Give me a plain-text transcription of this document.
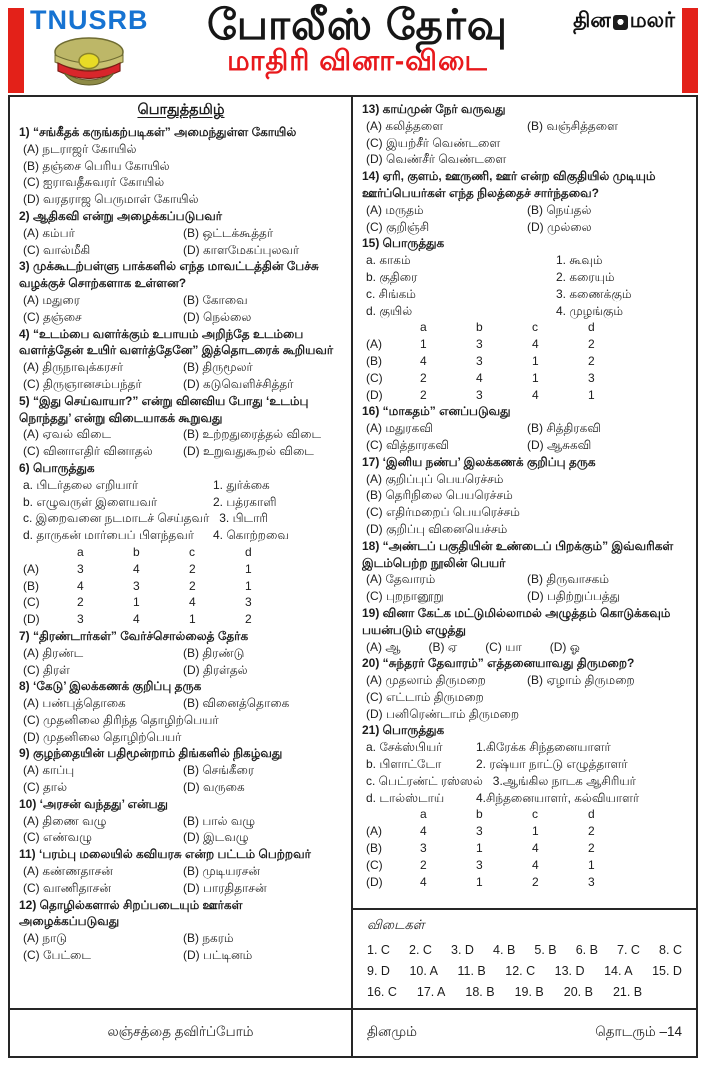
TNUSRB	போலீஸ் தேர்வு
மாதிரி வினா-விடை
தின மலர்
பொதுத்தமிழ்
1) “சங்கீதக் கருங்கற்படிகள்” அமைந்துள்ள கோயில்
(A) நடராஜர் கோயில்
(B) தஞ்சை பெரிய கோயில்
(C) ஐராவதீசுவரர் கோயில்
(D) வரதராஜ பெருமாள் கோயில்
2) ஆதிகவி என்று அழைக்கப்படுபவர்
(A) கம்பர்	(B) ஒட்டக்கூத்தர்
(C) வால்மீகி	(D) காளமேகப்புலவர்
3) முக்கூடற்பள்ளு பாக்களில் எந்த மாவட்டத்தின் பேச்சு வழக்குச் சொற்களாக உள்ளன?
(A) மதுரை	(B) கோவை
(C) தஞ்சை	(D) நெல்லை
4) “உடம்பை வளர்க்கும் உபாயம் அறிந்தே உடம்பை வளர்த்தேன் உயிர் வளர்த்தேனே” இத்தொடரைக் கூறியவர்
(A) திருநாவுக்கரசர்	(B) திருமூலர்
(C) திருஞானசம்பந்தர்	(D) கடுவெளிச்சித்தர்
5) “இது செய்வாயா?” என்று வினவிய போது ‘உடம்பு நொந்தது’ என்று விடையாகக் கூறுவது
(A) ஏவல் விடை	(B) உற்றதுரைத்தல் விடை
(C) வினாஎதிர் வினாதல்	(D) உறுவதுகூறல் விடை
6) பொருத்துக
a. பிடர்தலை எறியார்	1. துர்க்கை
b. எழுவருள் இளையவர்	2. பத்ரகாளி
c. இறைவனை நடமாடச் செய்தவர் 3. பிடாரி
d. தாருகன் மார்பைப் பிளந்தவர்	4. கொற்றவை
a	b	c	d
(A)	3	4	2	1
(B)	4	3	2	1
(C)	2	1	4	3
(D)	3	4	1	2
7) “திரண்டார்கள்” வேர்ச்சொல்லைத் தேர்க
(A) திரண்ட	(B) திரண்டு
(C) திரள்	(D) திரள்தல்
8) ‘கேடு’ இலக்கணக் குறிப்பு தருக
(A) பண்புத்தொகை	(B) வினைத்தொகை
(C) முதனிலை திரிந்த தொழிற்பெயர்
(D) முதனிலை தொழிற்பெயர்
9) குழந்தையின் பதிமூன்றாம் திங்களில் நிகழ்வது
(A) காப்பு	(B) செங்கீரை
(C) தால்	(D) வருகை
10) ‘அரசன் வந்தது’ என்பது
(A) திணை வழு	(B) பால் வழு
(C) எண்வழு	(D) இடவழு
11) ‘பரம்பு மலையில் கவியரசு என்ற பட்டம் பெற்றவர்
(A) கண்ணதாசன்	(B) முடியரசன்
(C) வாணிதாசன்	(D) பாரதிதாசன்
12) தொழில்களால் சிறப்படையும் ஊர்கள் அழைக்கப்படுவது
(A) நாடு	(B) நகரம்
(C) பேட்டை	(D) பட்டினம்
லஞ்சத்தை தவிர்ப்போம்
13) காய்முன் நேர் வருவது
(A) கலித்தளை	(B) வஞ்சித்தளை
(C) இயற்சீர் வெண்டளை
(D) வெண்சீர் வெண்டளை
14) ஏரி, குளம், ஊருணி, ஊர் என்ற விகுதியில் முடியும் ஊர்ப்பெயர்கள் எந்த நிலத்தைச் சார்ந்தவை?
(A) மருதம்	(B) நெய்தல்
(C) குறிஞ்சி	(D) முல்லை
15) பொருத்துக
a. காகம்	1. கூவும்
b. குதிரை	2. கரையும்
c. சிங்கம்	3. கணைக்கும்
d. குயில்	4. முழங்கும்
a	b	c	d
(A)	1	3	4	2
(B)	4	3	1	2
(C)	2	4	1	3
(D)	2	3	4	1
16) “மாகதம்” எனப்படுவது
(A) மதுரகவி	(B) சித்திரகவி
(C) வித்தாரகவி	(D) ஆசுகவி
17) ‘இனிய நண்ப’ இலக்கணக் குறிப்பு தருக
(A) குறிப்புப் பெயரெச்சம்
(B) தெரிநிலை பெயரெச்சம்
(C) எதிர்மறைப் பெயரெச்சம்
(D) குறிப்பு வினையெச்சம்
18) “அண்டப் பகுதியின் உண்டைப் பிறக்கும்” இவ்வரிகள் இடம்பெற்ற நூலின் பெயர்
(A) தேவாரம்	(B) திருவாசகம்
(C) புறநானூறு	(D) பதிற்றுப்பத்து
19) வினா கேட்க மட்டுமில்லாமல் அழுத்தம் கொடுக்கவும் பயன்படும் எழுத்து
(A) ஆ (B) ஏ (C) யா (D) ஓ
20) “சுந்தரர் தேவாரம்” எத்தனையாவது திருமறை?
(A) முதலாம் திருமறை	(B) ஏழாம் திருமறை
(C) எட்டாம் திருமறை
(D) பனிரெண்டாம் திருமறை
21) பொருத்துக
a. சேக்ஸ்பியர்	1.கிரேக்க சிந்தனையாளர்
b. பிளாட்டோ	2. ரஷ்யா நாட்டு எழுத்தாளர்
c. பெட்ரண்ட் ரஸ்ஸல் 3.ஆங்கில நாடக ஆசிரியர்
d. டால்ஸ்டாய்	4.சிந்தனையாளர், கல்வியாளர்
a	b	c	d
(A)	4	3	1	2
(B)	3	1	4	2
(C)	2	3	4	1
(D)	4	1	2	3
விடைகள்
1. C 2. C 3. D 4. B 5. B 6. B 7. C 8. C
9. D 10. A 11. B 12. C 13. D 14. A 15. D
16. C 17. A 18. B 19. B 20. B 21. B
தினமும்	தொடரும் –14
